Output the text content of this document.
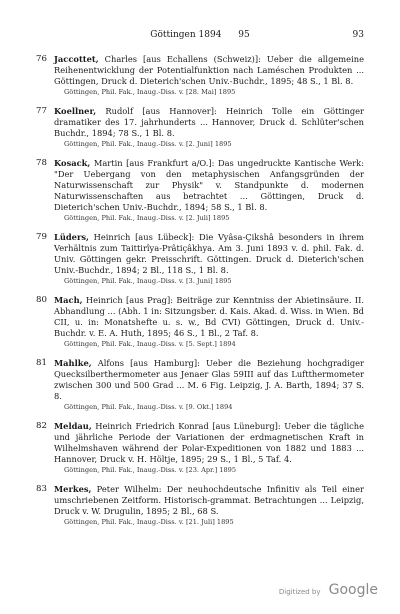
Göttingen 1894 95	93
76 Jaccottet, Charles [aus Echallens (Schweiz)]: Ueber die allgemeine Reihenentwicklung der Potentialfunktion nach Laméschen Produkten ... Göttingen, Druck d. Dieterich'schen Univ.-Buchdr., 1895; 48 S., 1 Bl. 8.
Göttingen, Phil. Fak., Inaug.-Diss. v. [28. Mai] 1895
77 Koellner, Rudolf [aus Hannover]: Heinrich Tolle ein Göttinger dramatiker des 17. jahrhunderts ... Hannover, Druck d. Schlüter'schen Buchdr., 1894; 78 S., 1 Bl. 8.
Göttingen, Phil. Fak., Inaug.-Diss. v. [2. Juni] 1895
78 Kosack, Martin [aus Frankfurt a/O.]: Das ungedruckte Kantische Werk: "Der Uebergang von den metaphysischen Anfangsgründen der Naturwissenschaft zur Physik" v. Standpunkte d. modernen Naturwissenschaften aus betrachtet ... Göttingen, Druck d. Dieterich'schen Univ.-Buchdr., 1894; 58 S., 1 Bl. 8.
Göttingen, Phil. Fak., Inaug.-Diss. v. [2. Juli] 1895
79 Lüders, Heinrich [aus Lübeck]: Die Vyâsa-Çikshâ besonders in ihrem Verhältnis zum Taittirîya-Prâtiçâkhya. Am 3. Juni 1893 v. d. phil. Fak. d. Univ. Göttingen gekr. Preisschrift. Göttingen. Druck d. Dieterich'schen Univ.-Buchdr., 1894; 2 Bl., 118 S., 1 Bl. 8.
Göttingen, Phil. Fak., Inaug.-Diss. v. [3. Juni] 1895
80 Mach, Heinrich [aus Prag]: Beiträge zur Kenntniss der Abietinsäure. II. Abhandlung ... (Abh. 1 in: Sitzungsber. d. Kais. Akad. d. Wiss. in Wien. Bd CII, u. in: Monatshefte u. s. w., Bd CVI) Göttingen, Druck d. Univ.-Buchdr. v. E. A. Huth, 1895; 46 S., 1 Bl., 2 Taf. 8.
Göttingen, Phil. Fak., Inaug.-Diss. v. [5. Sept.] 1894
81 Mahlke, Alfons [aus Hamburg]: Ueber die Beziehung hochgradiger Quecksilberthermometer aus Jenaer Glas 59III auf das Luftthermometer zwischen 300 und 500 Grad ... M. 6 Fig. Leipzig, J. A. Barth, 1894; 37 S. 8.
Göttingen, Phil. Fak., Inaug.-Diss. v. [9. Okt.] 1894
82 Meldau, Heinrich Friedrich Konrad [aus Lüneburg]: Ueber die tägliche und jährliche Periode der Variationen der erdmagnetischen Kraft in Wilhelmshaven während der Polar-Expeditionen von 1882 und 1883 ... Hannover, Druck v. H. Höltje, 1895; 29 S., 1 Bl., 5 Taf. 4.
Göttingen, Phil. Fak., Inaug.-Diss. v. [23. Apr.] 1895
83 Merkes, Peter Wilhelm: Der neuhochdeutsche Infinitiv als Teil einer umschriebenen Zeitform. Historisch-grammat. Betrachtungen ... Leipzig, Druck v. W. Drugulin, 1895; 2 Bl., 68 S.
Göttingen, Phil. Fak., Inaug.-Diss. v. [21. Juli] 1895
Digitized by Google
